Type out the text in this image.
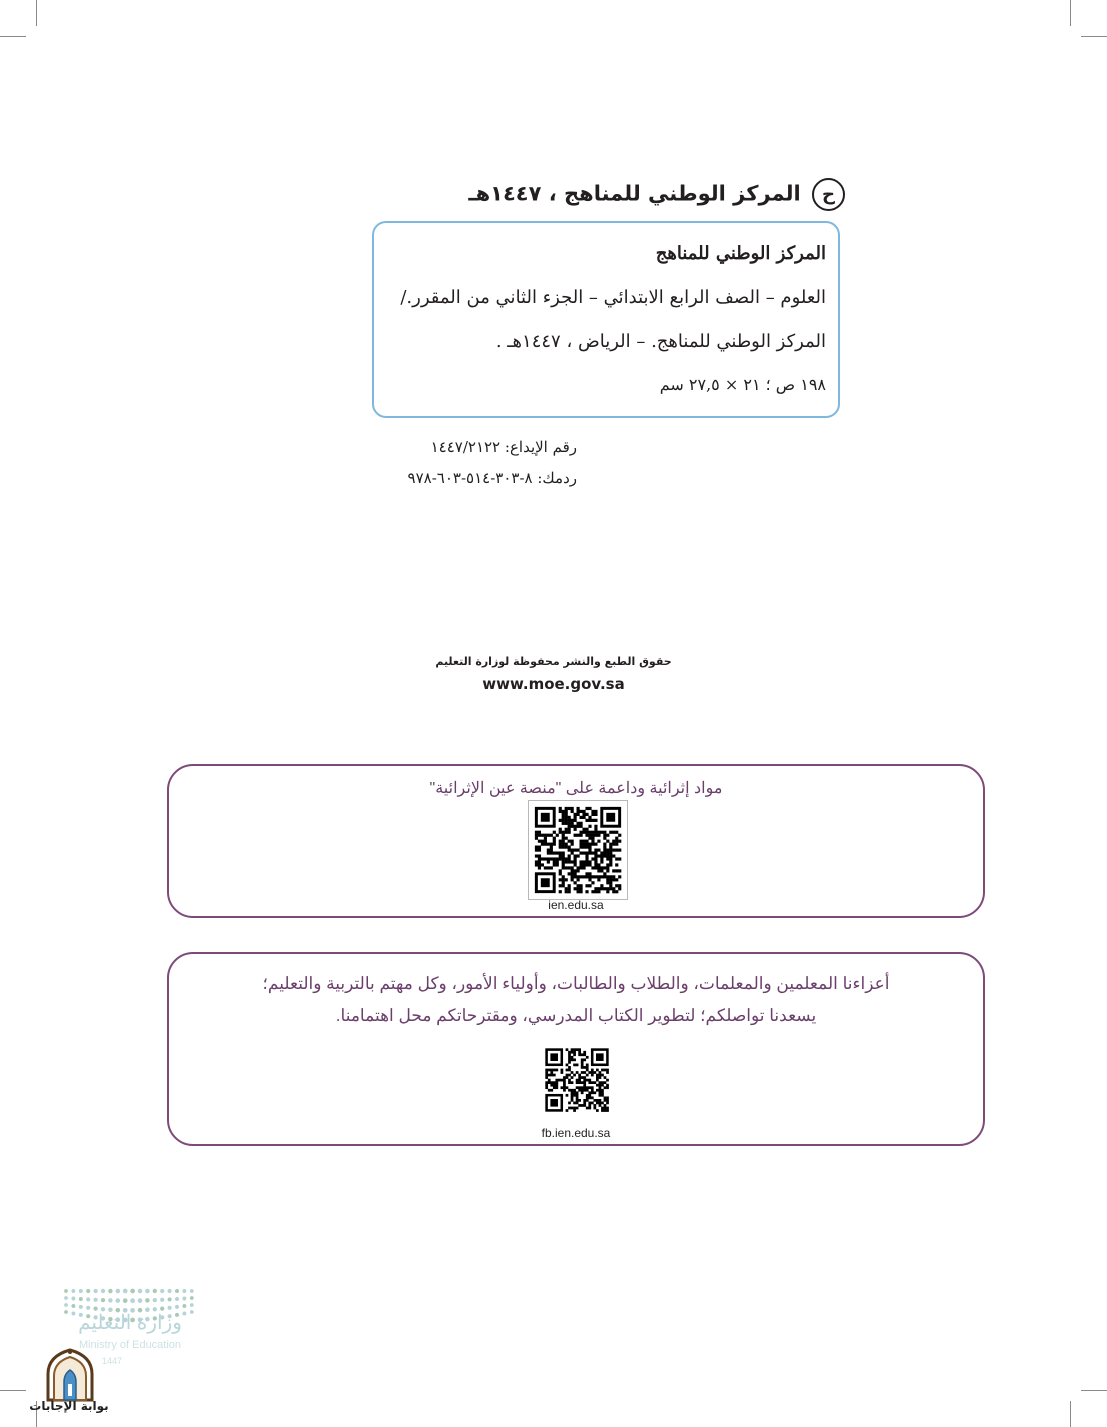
ح المركز الوطني للمناهج ، ١٤٤٧هـ
المركز الوطني للمناهج
العلوم – الصف الرابع الابتدائي – الجزء الثاني من المقرر./
المركز الوطني للمناهج. – الرياض ، ١٤٤٧هـ .
١٩٨ ص ؛ ٢١ × ٢٧,٥ سم
رقم الإيداع: ١٤٤٧/٢١٢٢
ردمك: ٨-٣٠٣-٥١٤-٦٠٣-٩٧٨
حقوق الطبع والنشر محفوظة لوزارة التعليم
www.moe.gov.sa
مواد إثرائية وداعمة على "منصة عين الإثرائية"
ien.edu.sa
أعزاءنا المعلمين والمعلمات، والطلاب والطالبات، وأولياء الأمور، وكل مهتم بالتربية والتعليم؛
يسعدنا تواصلكم؛ لتطوير الكتاب المدرسي، ومقترحاتكم محل اهتمامنا.
fb.ien.edu.sa
وزارة التعليم
Ministry of Education
1447
بوابة الإجابات
